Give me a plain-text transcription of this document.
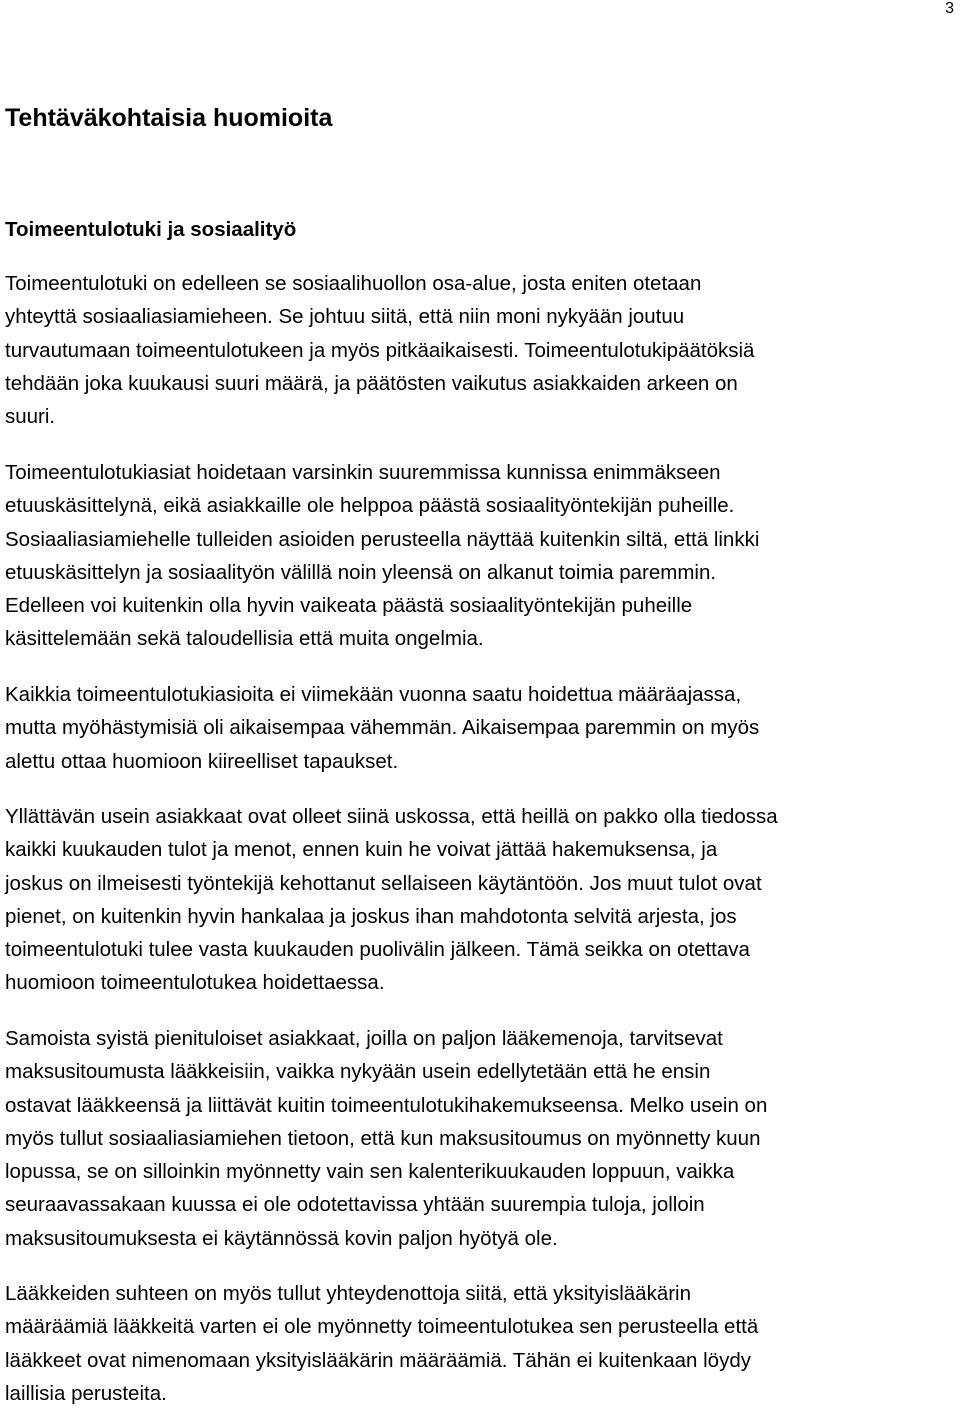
3
Tehtäväkohtaisia huomioita
Toimeentulotuki ja sosiaalityö

Toimeentulotuki on edelleen se sosiaalihuollon osa-alue, josta eniten otetaan
yhteyttä sosiaaliasiamieheen. Se johtuu siitä, että niin moni nykyään joutuu
turvautumaan toimeentulotukeen ja myös pitkäaikaisesti. Toimeentulotukipäätöksiä
tehdään joka kuukausi suuri määrä, ja päätösten vaikutus asiakkaiden arkeen on
suuri.

Toimeentulotukiasiat hoidetaan varsinkin suuremmissa kunnissa enimmäkseen
etuuskäsittelynä, eikä asiakkaille ole helppoa päästä sosiaalityöntekijän puheille.
Sosiaaliasiamiehelle tulleiden asioiden perusteella näyttää kuitenkin siltä, että linkki
etuuskäsittelyn ja sosiaalityön välillä noin yleensä on alkanut toimia paremmin.
Edelleen voi kuitenkin olla hyvin vaikeata päästä sosiaalityöntekijän puheille
käsittelemään sekä taloudellisia että muita ongelmia.

Kaikkia toimeentulotukiasioita ei viimekään vuonna saatu hoidettua määräajassa,
mutta myöhästymisiä oli aikaisempaa vähemmän. Aikaisempaa paremmin on myös
alettu ottaa huomioon kiireelliset tapaukset.

Yllättävän usein asiakkaat ovat olleet siinä uskossa, että heillä on pakko olla tiedossa
kaikki kuukauden tulot ja menot, ennen kuin he voivat jättää hakemuksensa, ja
joskus on ilmeisesti työntekijä kehottanut sellaiseen käytäntöön. Jos muut tulot ovat
pienet, on kuitenkin hyvin hankalaa ja joskus ihan mahdotonta selvitä arjesta, jos
toimeentulotuki tulee vasta kuukauden puolivälin jälkeen. Tämä seikka on otettava
huomioon toimeentulotukea hoidettaessa.

Samoista syistä pienituloiset asiakkaat, joilla on paljon lääkemenoja, tarvitsevat
maksusitoumusta lääkkeisiin, vaikka nykyään usein edellytetään että he ensin
ostavat lääkkeensä ja liittävät kuitin toimeentulotukihakemukseensa. Melko usein on
myös tullut sosiaaliasiamiehen tietoon, että kun maksusitoumus on myönnetty kuun
lopussa, se on silloinkin myönnetty vain sen kalenterikuukauden loppuun, vaikka
seuraavassakaan kuussa ei ole odotettavissa yhtään suurempia tuloja, jolloin
maksusitoumuksesta ei käytännössä kovin paljon hyötyä ole.

Lääkkeiden suhteen on myös tullut yhteydenottoja siitä, että yksityislääkärin
määräämiä lääkkeitä varten ei ole myönnetty toimeentulotukea sen perusteella että
lääkkeet ovat nimenomaan yksityislääkärin määräämiä. Tähän ei kuitenkaan löydy
laillisia perusteita.
